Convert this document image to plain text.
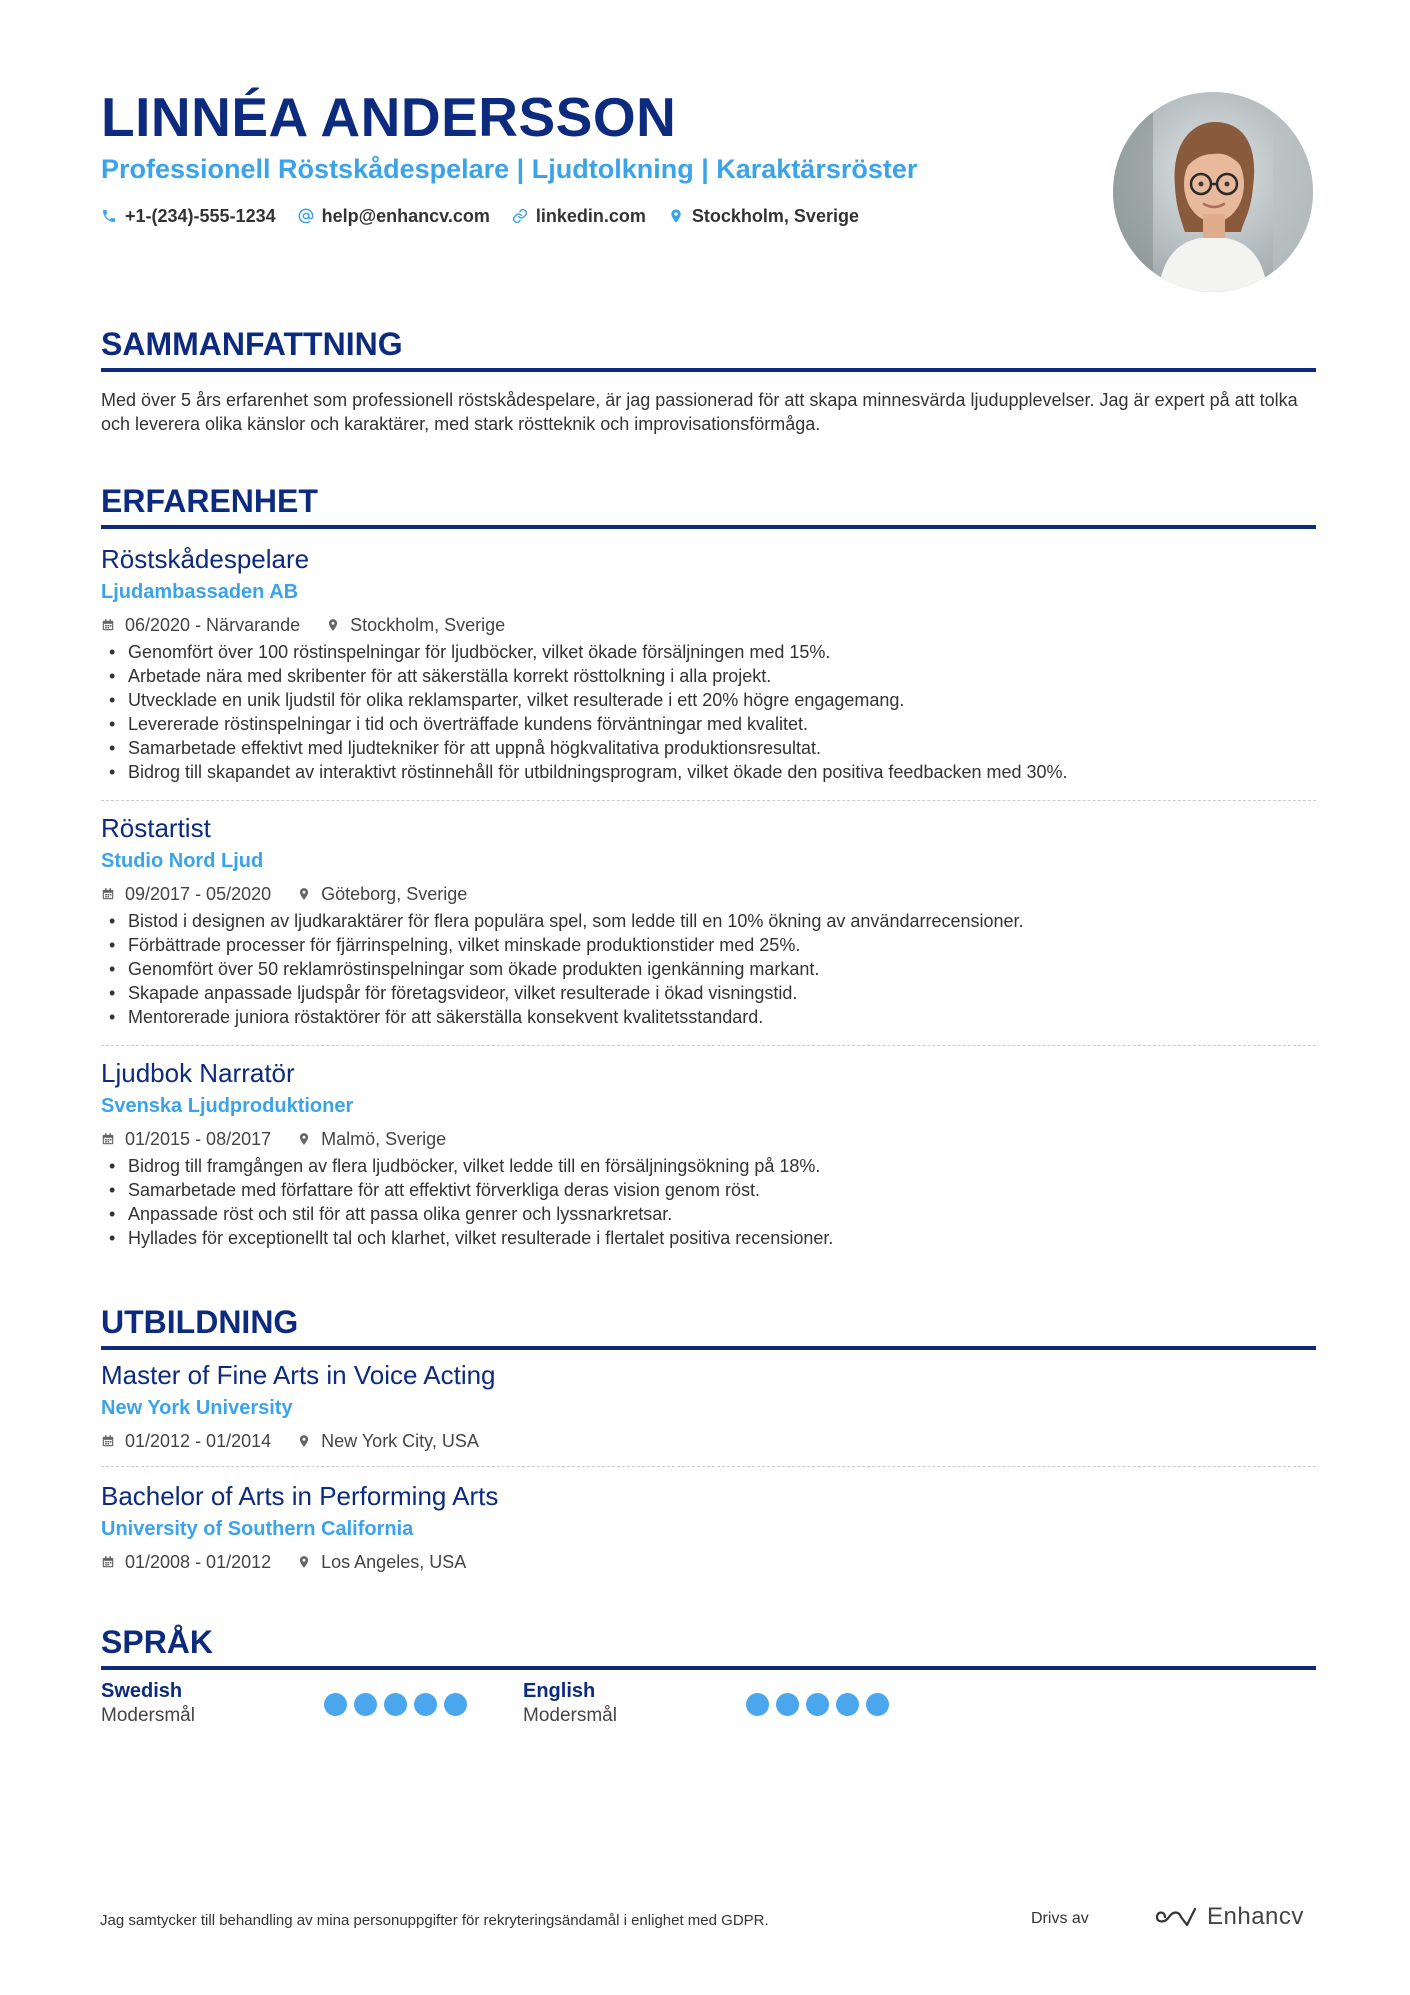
LINNÉA ANDERSSON
Professionell Röstskådespelare | Ljudtolkning | Karaktärsröster
+1-(234)-555-1234	help@enhancv.com	linkedin.com	Stockholm, Sverige
SAMMANFATTNING
Med över 5 års erfarenhet som professionell röstskådespelare, är jag passionerad för att skapa minnesvärda ljudupplevelser. Jag är expert på att tolka och leverera olika känslor och karaktärer, med stark röstteknik och improvisationsförmåga.
ERFARENHET
Röstskådespelare
Ljudambassaden AB
06/2020 - Närvarande	Stockholm, Sverige
• Genomfört över 100 röstinspelningar för ljudböcker, vilket ökade försäljningen med 15%.
• Arbetade nära med skribenter för att säkerställa korrekt rösttolkning i alla projekt.
• Utvecklade en unik ljudstil för olika reklamsparter, vilket resulterade i ett 20% högre engagemang.
• Levererade röstinspelningar i tid och överträffade kundens förväntningar med kvalitet.
• Samarbetade effektivt med ljudtekniker för att uppnå högkvalitativa produktionsresultat.
• Bidrog till skapandet av interaktivt röstinnehåll för utbildningsprogram, vilket ökade den positiva feedbacken med 30%.
Röstartist
Studio Nord Ljud
09/2017 - 05/2020	Göteborg, Sverige
• Bistod i designen av ljudkaraktärer för flera populära spel, som ledde till en 10% ökning av användarrecensioner.
• Förbättrade processer för fjärrinspelning, vilket minskade produktionstider med 25%.
• Genomfört över 50 reklamröstinspelningar som ökade produkten igenkänning markant.
• Skapade anpassade ljudspår för företagsvideor, vilket resulterade i ökad visningstid.
• Mentorerade juniora röstaktörer för att säkerställa konsekvent kvalitetsstandard.
Ljudbok Narratör
Svenska Ljudproduktioner
01/2015 - 08/2017	Malmö, Sverige
• Bidrog till framgången av flera ljudböcker, vilket ledde till en försäljningsökning på 18%.
• Samarbetade med författare för att effektivt förverkliga deras vision genom röst.
• Anpassade röst och stil för att passa olika genrer och lyssnarkretsar.
• Hyllades för exceptionellt tal och klarhet, vilket resulterade i flertalet positiva recensioner.
UTBILDNING
Master of Fine Arts in Voice Acting
New York University
01/2012 - 01/2014	New York City, USA
Bachelor of Arts in Performing Arts
University of Southern California
01/2008 - 01/2012	Los Angeles, USA
SPRÅK
Swedish
Modersmål
English
Modersmål
Jag samtycker till behandling av mina personuppgifter för rekryteringsändamål i enlighet med GDPR.	Drivs av	Enhancv
